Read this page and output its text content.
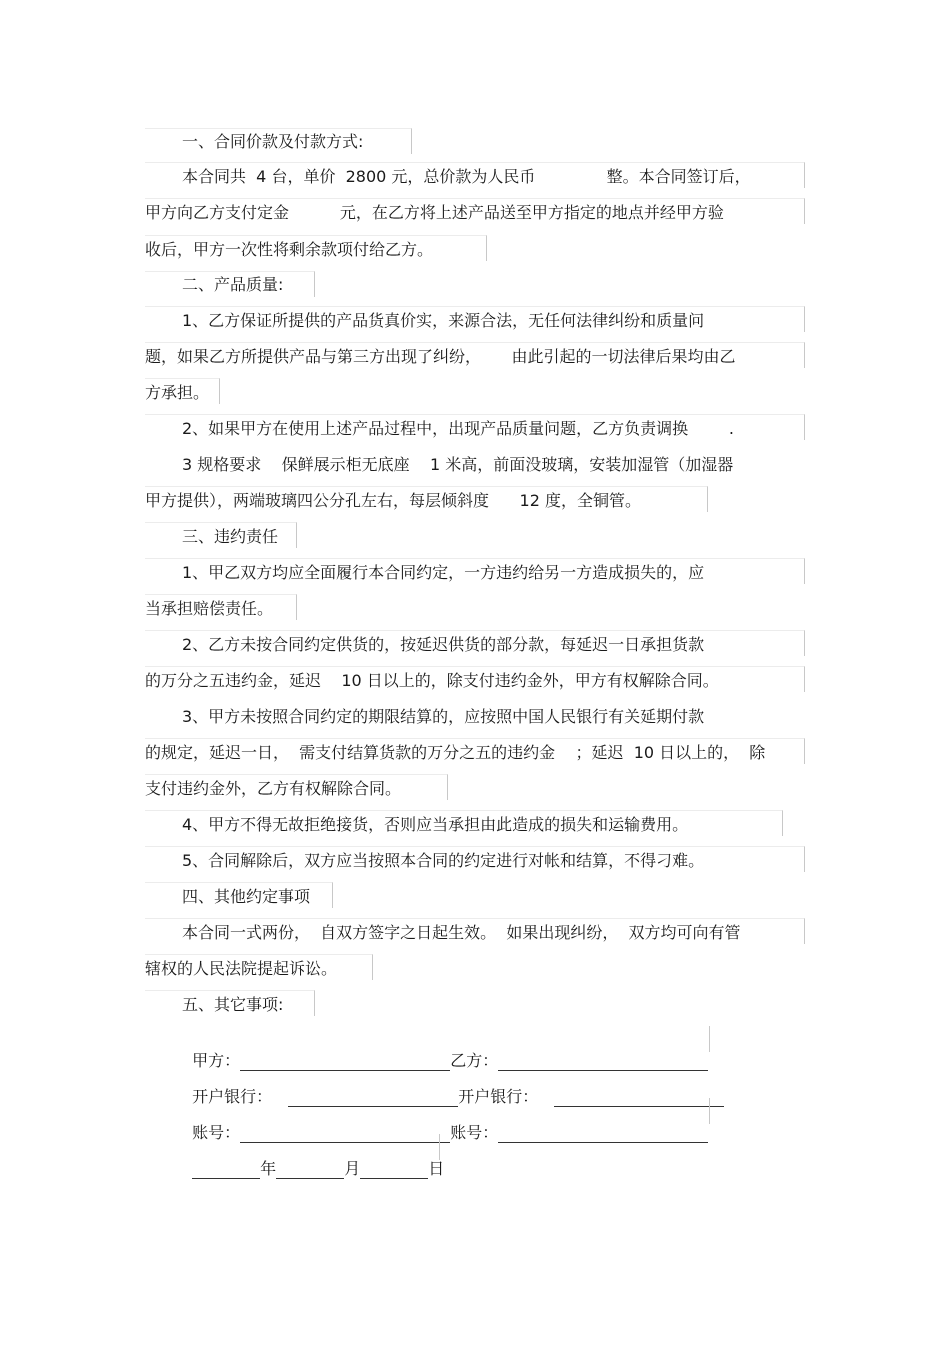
一、合同价款及付款方式:
本合同共  4 台，单价  2800 元，总价款为人民币              整。本合同签订后，
甲方向乙方支付定金          元，在乙方将上述产品送至甲方指定的地点并经甲方验
收后，甲方一次性将剩余款项付给乙方。
二、产品质量:
1、乙方保证所提供的产品货真价实，来源合法，无任何法律纠纷和质量问
题，如果乙方所提供产品与第三方出现了纠纷，      由此引起的一切法律后果均由乙
方承担。
2、如果甲方在使用上述产品过程中，出现产品质量问题，乙方负责调换        .
3 规格要求    保鲜展示柜无底座    1 米高，前面没玻璃，安装加湿管（加湿器
甲方提供），两端玻璃四公分孔左右，每层倾斜度      12 度，全铜管。
三、违约责任
1、甲乙双方均应全面履行本合同约定，一方违约给另一方造成损失的，应
当承担赔偿责任。
2、乙方未按合同约定供货的，按延迟供货的部分款，每延迟一日承担货款
的万分之五违约金，延迟    10 日以上的，除支付违约金外，甲方有权解除合同。
3、甲方未按照合同约定的期限结算的，应按照中国人民银行有关延期付款
的规定，延迟一日，  需支付结算货款的万分之五的违约金    ；延迟  10 日以上的，  除
支付违约金外，乙方有权解除合同。
4、甲方不得无故拒绝接货，否则应当承担由此造成的损失和运输费用。
5、合同解除后，双方应当按照本合同的约定进行对帐和结算，不得刁难。
四、其他约定事项
本合同一式两份，  自双方签字之日起生效。  如果出现纠纷，  双方均可向有管
辖权的人民法院提起诉讼。
五、其它事项:

甲方：	乙方：

开户银行：	开户银行：

账号：	账号：

年	月	日
